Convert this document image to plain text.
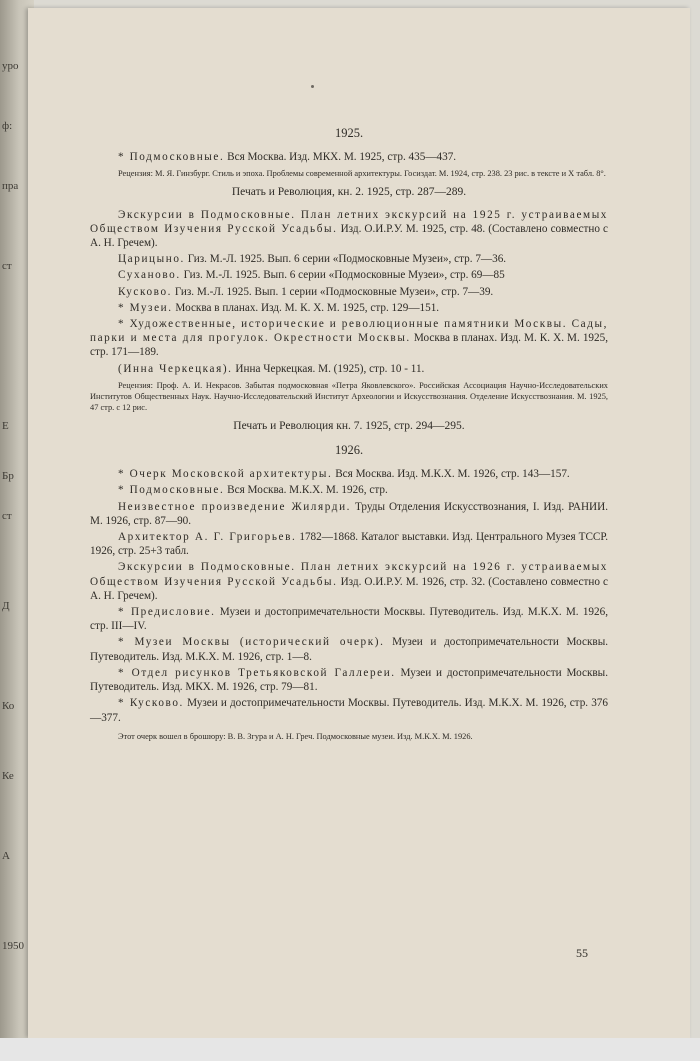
уро
ф:
пра
ст
Е
Бр
ст
Д
Ко
Ке
А
1950
1925.

* Подмосковные. Вся Москва. Изд. МКХ. М. 1925, стр. 435—437.

Рецензия: М. Я. Гинзбург. Стиль и эпоха. Проблемы современной архитектуры. Госиздат. М. 1924, стр. 238. 23 рис. в тексте и X табл. 8°.

Печать и Революция, кн. 2. 1925, стр. 287—289.

Экскурсии в Подмосковные. План летних экскурсий на 1925 г. устраиваемых Обществом Изучения Русской Усадьбы. Изд. О.И.Р.У. М. 1925, стр. 48. (Составлено совместно с А. Н. Гречем).

Царицыно. Гиз. М.-Л. 1925. Вып. 6 серии «Подмосковные Музеи», стр. 7—36.

Суханово. Гиз. М.-Л. 1925. Вып. 6 серии «Подмосковные Музеи», стр. 69—85

Кусково. Гиз. М.-Л. 1925. Вып. 1 серии «Подмосковные Музеи», стр. 7—39.

* Музеи. Москва в планах. Изд. М. К. Х. М. 1925, стр. 129—151.

* Художественные, исторические и революционные памятники Москвы. Сады, парки и места для прогулок. Окрестности Москвы. Москва в планах. Изд. М. К. Х. М. 1925, стр. 171—189.

(Инна Черкецкая). Инна Черкецкая. М. (1925), стр. 10 - 11.

Рецензия: Проф. А. И. Некрасов. Забытая подмосковная «Петра Яковлевского». Российская Ассоциация Научно-Исследовательских Институтов Общественных Наук. Научно-Исследовательский Институт Археологии и Искусствознания. Отделение Искусствознания. М. 1925, 47 стр. с 12 рис.

Печать и Революция кн. 7. 1925, стр. 294—295.
1926.

* Очерк Московской архитектуры. Вся Москва. Изд. М.К.Х. М. 1926, стр. 143—157.

* Подмосковные. Вся Москва. М.К.Х. М. 1926, стр.

Неизвестное произведение Жилярди. Труды Отделения Искусствознания, I. Изд. РАНИИ. М. 1926, стр. 87—90.

Архитектор А. Г. Григорьев. 1782—1868. Каталог выставки. Изд. Центрального Музея ТССР. 1926, стр. 25+3 табл.

Экскурсии в Подмосковные. План летних экскурсий на 1926 г. устраиваемых Обществом Изучения Русской Усадьбы. Изд. О.И.Р.У. М. 1926, стр. 32. (Составлено совместно с А. Н. Гречем).

* Предисловие. Музеи и достопримечательности Москвы. Путеводитель. Изд. М.К.Х. М. 1926, стр. III—IV.

* Музеи Москвы (исторический очерк). Музеи и достопримечательности Москвы. Путеводитель. Изд. М.К.Х. М. 1926, стр. 1—8.

* Отдел рисунков Третьяковской Галлереи. Музеи и достопримечательности Москвы. Путеводитель. Изд. МКХ. М. 1926, стр. 79—81.

* Кусково. Музеи и достопримечательности Москвы. Путеводитель. Изд. М.К.Х. М. 1926, стр. 376—377.

Этот очерк вошел в брошюру: В. В. Згура и А. Н. Греч. Подмосковные музеи. Изд. М.К.Х. М. 1926.

55
